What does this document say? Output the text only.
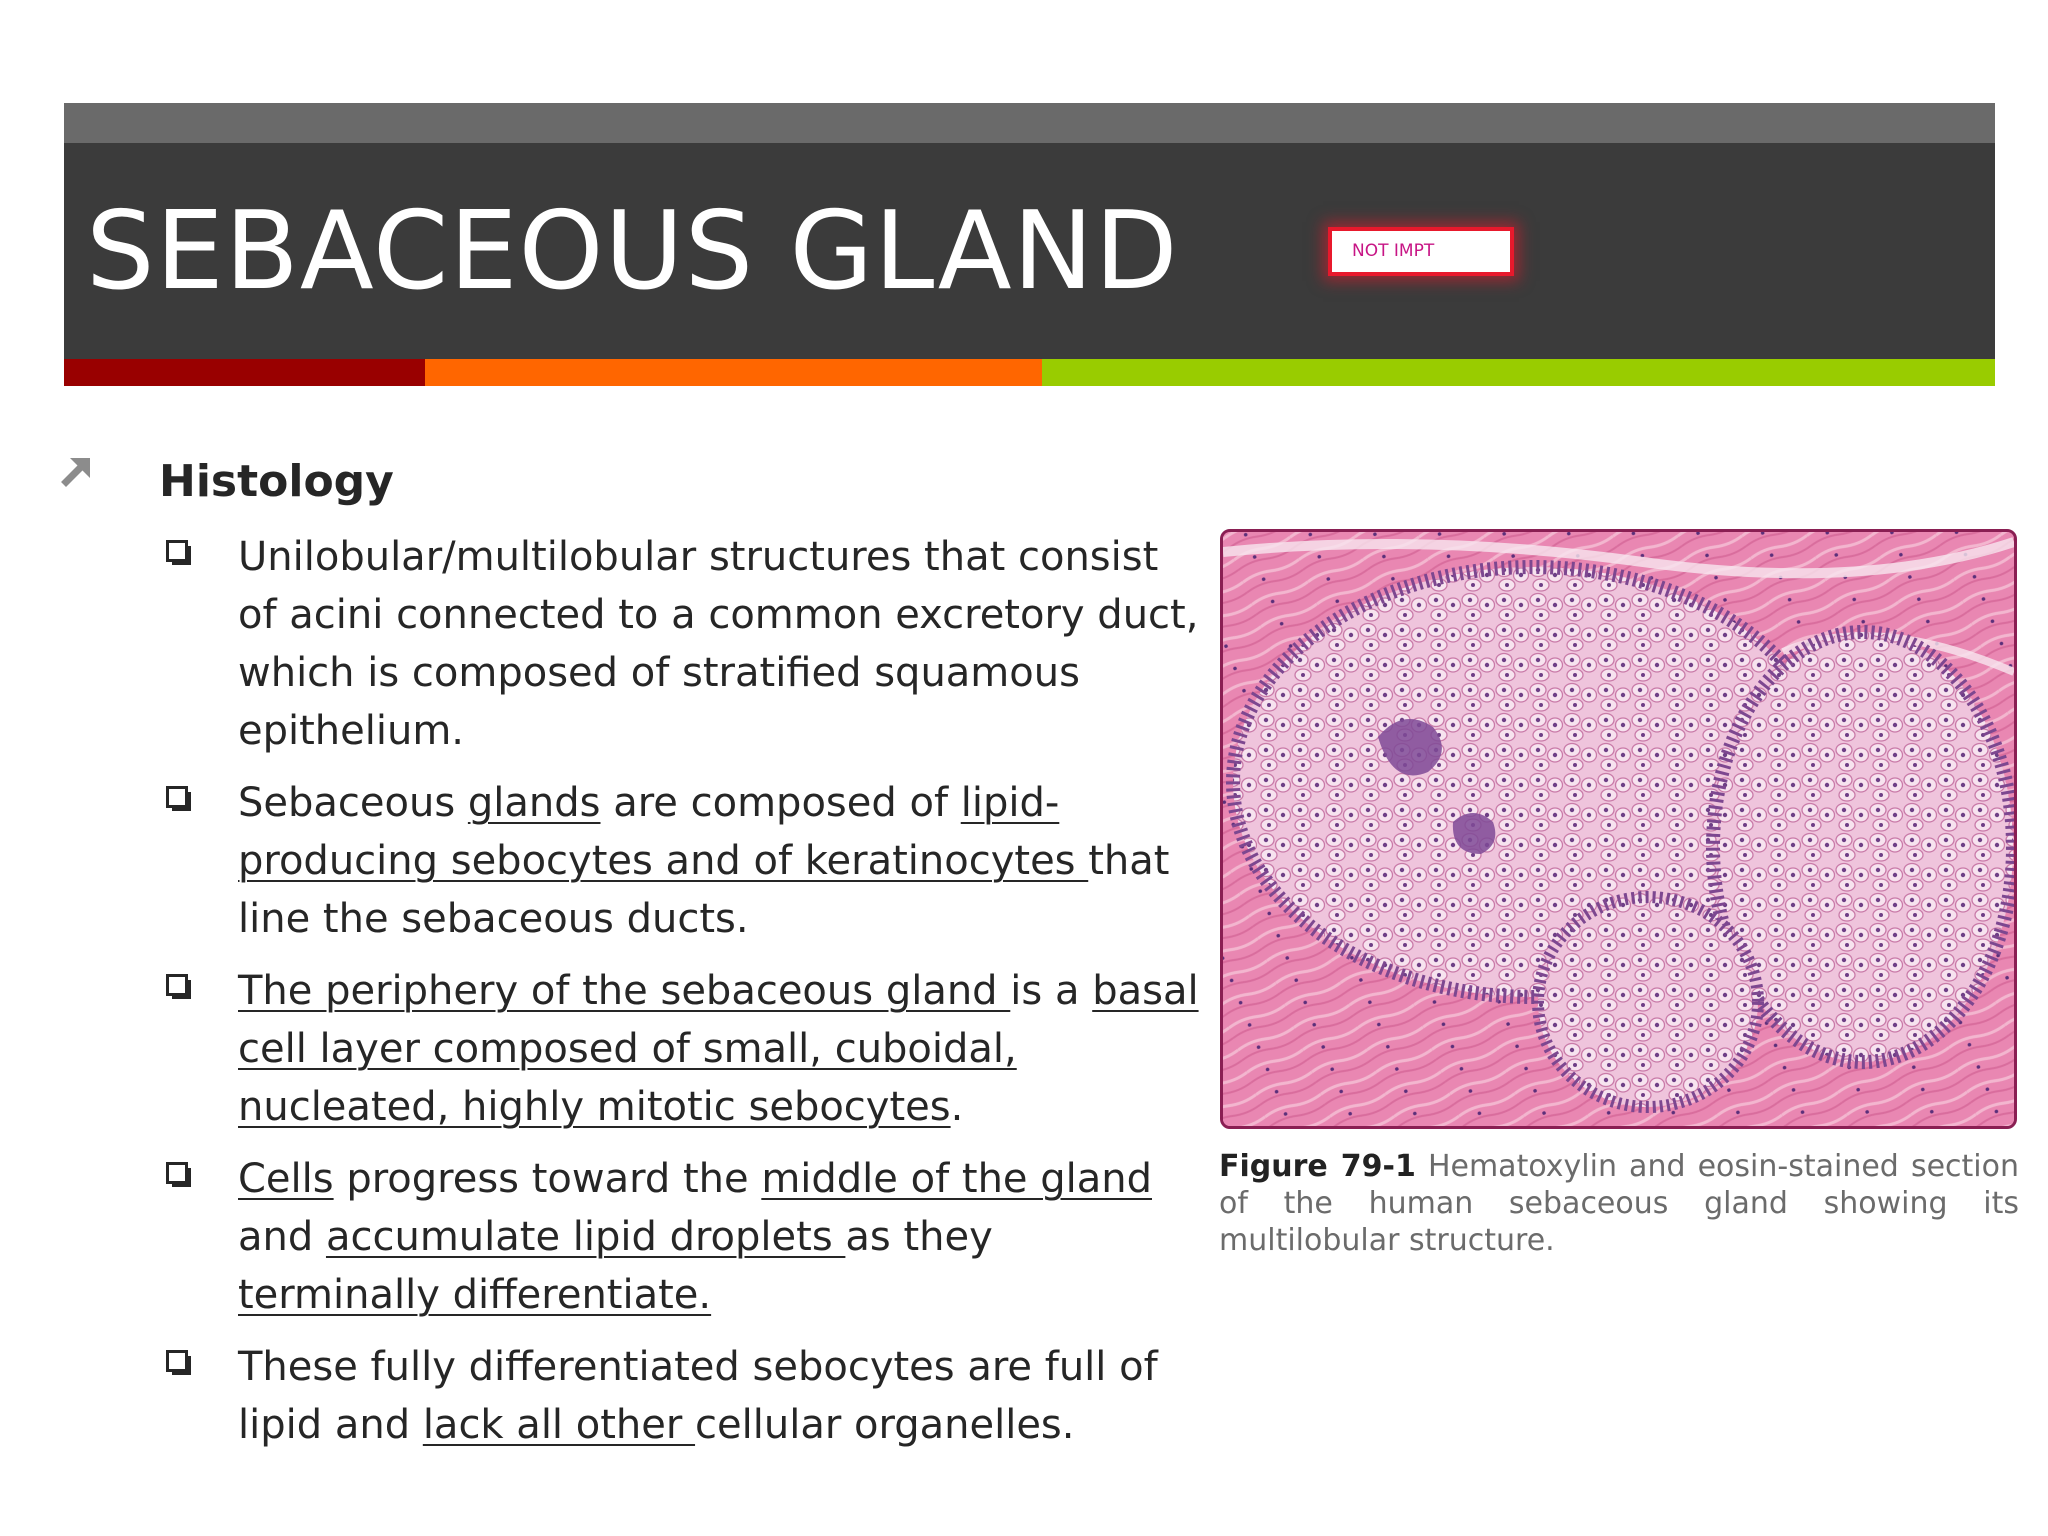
SEBACEOUS GLAND	NOT IMPT
Histology
Unilobular/multilobular structures that consist of acini connected to a common excretory duct, which is composed of stratified squamous epithelium.
Sebaceous glands are composed of lipid-producing sebocytes and of keratinocytes that line the sebaceous ducts.
The periphery of the sebaceous gland is a basal cell layer composed of small, cuboidal, nucleated, highly mitotic sebocytes.
Cells progress toward the middle of the gland and accumulate lipid droplets as they terminally differentiate.
These fully differentiated sebocytes are full of lipid and lack all other cellular organelles.
Figure 79-1 Hematoxylin and eosin-stained section of the human sebaceous gland showing its multilobular structure.
